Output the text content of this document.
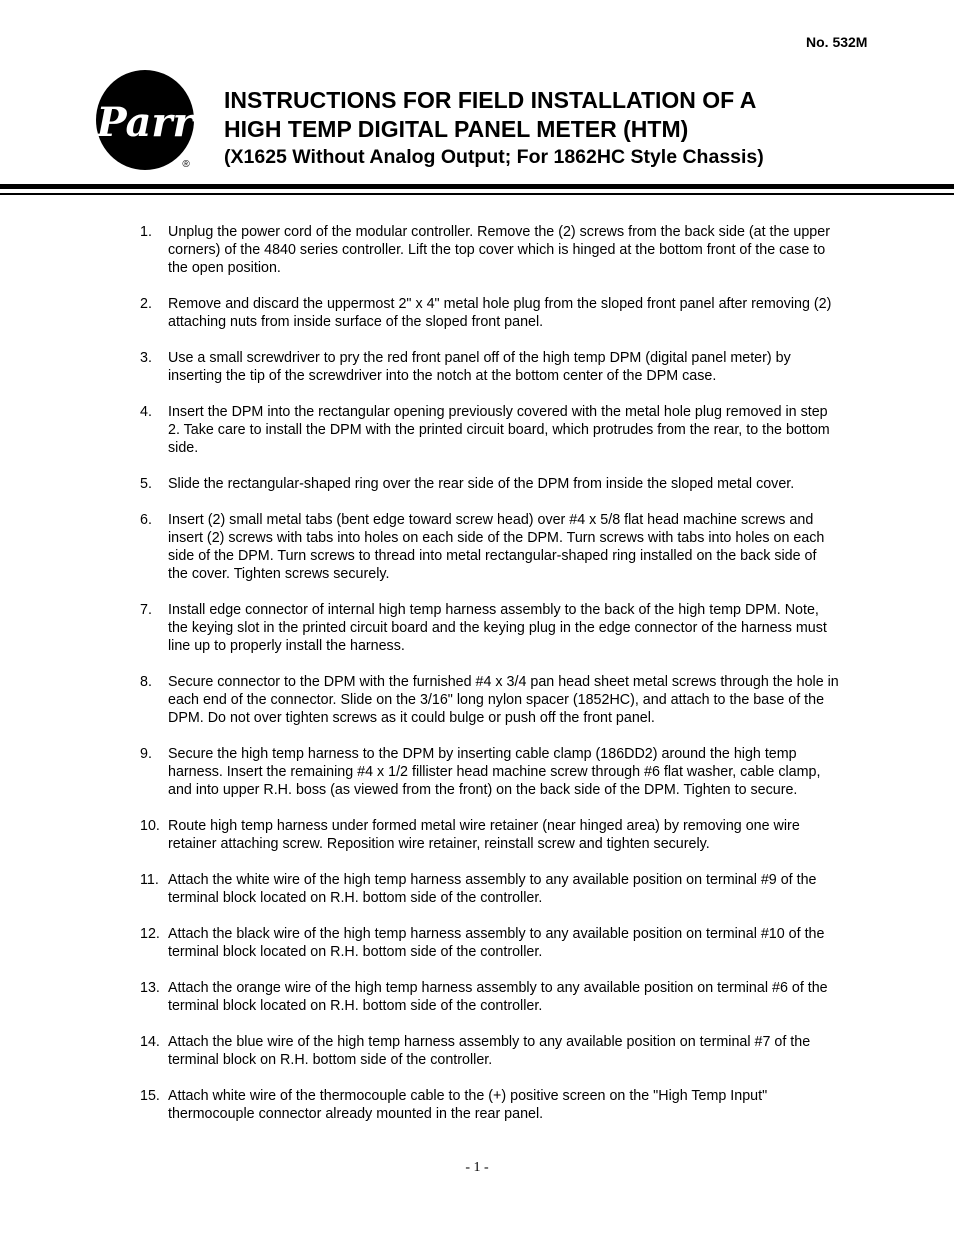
No. 532M
Parr
®
INSTRUCTIONS FOR FIELD INSTALLATION OF A
HIGH TEMP DIGITAL PANEL METER (HTM)
(X1625 Without Analog Output; For 1862HC Style Chassis)
1.	Unplug the power cord of the modular controller. Remove the (2) screws from the back side (at the upper corners) of the 4840 series controller. Lift the top cover which is hinged at the bottom front of the case to the open position.
2.	Remove and discard the uppermost 2" x 4" metal hole plug from the sloped front panel after removing (2) attaching nuts from inside surface of the sloped front panel.
3.	Use a small screwdriver to pry the red front panel off of the high temp DPM (digital panel meter) by inserting the tip of the screwdriver into the notch at the bottom center of the DPM case.
4.	Insert the DPM into the rectangular opening previously covered with the metal hole plug removed in step 2. Take care to install the DPM with the printed circuit board, which protrudes from the rear, to the bottom side.
5.	Slide the rectangular-shaped ring over the rear side of the DPM from inside the sloped metal cover.
6.	Insert (2) small metal tabs (bent edge toward screw head) over #4 x 5/8 flat head machine screws and insert (2) screws with tabs into holes on each side of the DPM. Turn screws with tabs into holes on each side of the DPM. Turn screws to thread into metal rectangular-shaped ring installed on the back side of the cover. Tighten screws securely.
7.	Install edge connector of internal high temp harness assembly to the back of the high temp DPM. Note, the keying slot in the printed circuit board and the keying plug in the edge connector of the harness must line up to properly install the harness.
8.	Secure connector to the DPM with the furnished #4 x 3/4 pan head sheet metal screws through the hole in each end of the connector. Slide on the 3/16" long nylon spacer (1852HC), and attach to the base of the DPM. Do not over tighten screws as it could bulge or push off the front panel.
9.	Secure the high temp harness to the DPM by inserting cable clamp (186DD2) around the high temp harness. Insert the remaining #4 x 1/2 fillister head machine screw through #6 flat washer, cable clamp, and into upper R.H. boss (as viewed from the front) on the back side of the DPM. Tighten to secure.
10. Route high temp harness under formed metal wire retainer (near hinged area) by removing one wire retainer attaching screw. Reposition wire retainer, reinstall screw and tighten securely.
11. Attach the white wire of the high temp harness assembly to any available position on terminal #9 of the terminal block located on R.H. bottom side of the controller.
12. Attach the black wire of the high temp harness assembly to any available position on terminal #10 of the terminal block located on R.H. bottom side of the controller.
13. Attach the orange wire of the high temp harness assembly to any available position on terminal #6 of the terminal block located on R.H. bottom side of the controller.
14. Attach the blue wire of the high temp harness assembly to any available position on terminal #7 of the terminal block on R.H. bottom side of the controller.
15. Attach white wire of the thermocouple cable to the (+) positive screen on the "High Temp Input" thermocouple connector already mounted in the rear panel.
- 1 -
